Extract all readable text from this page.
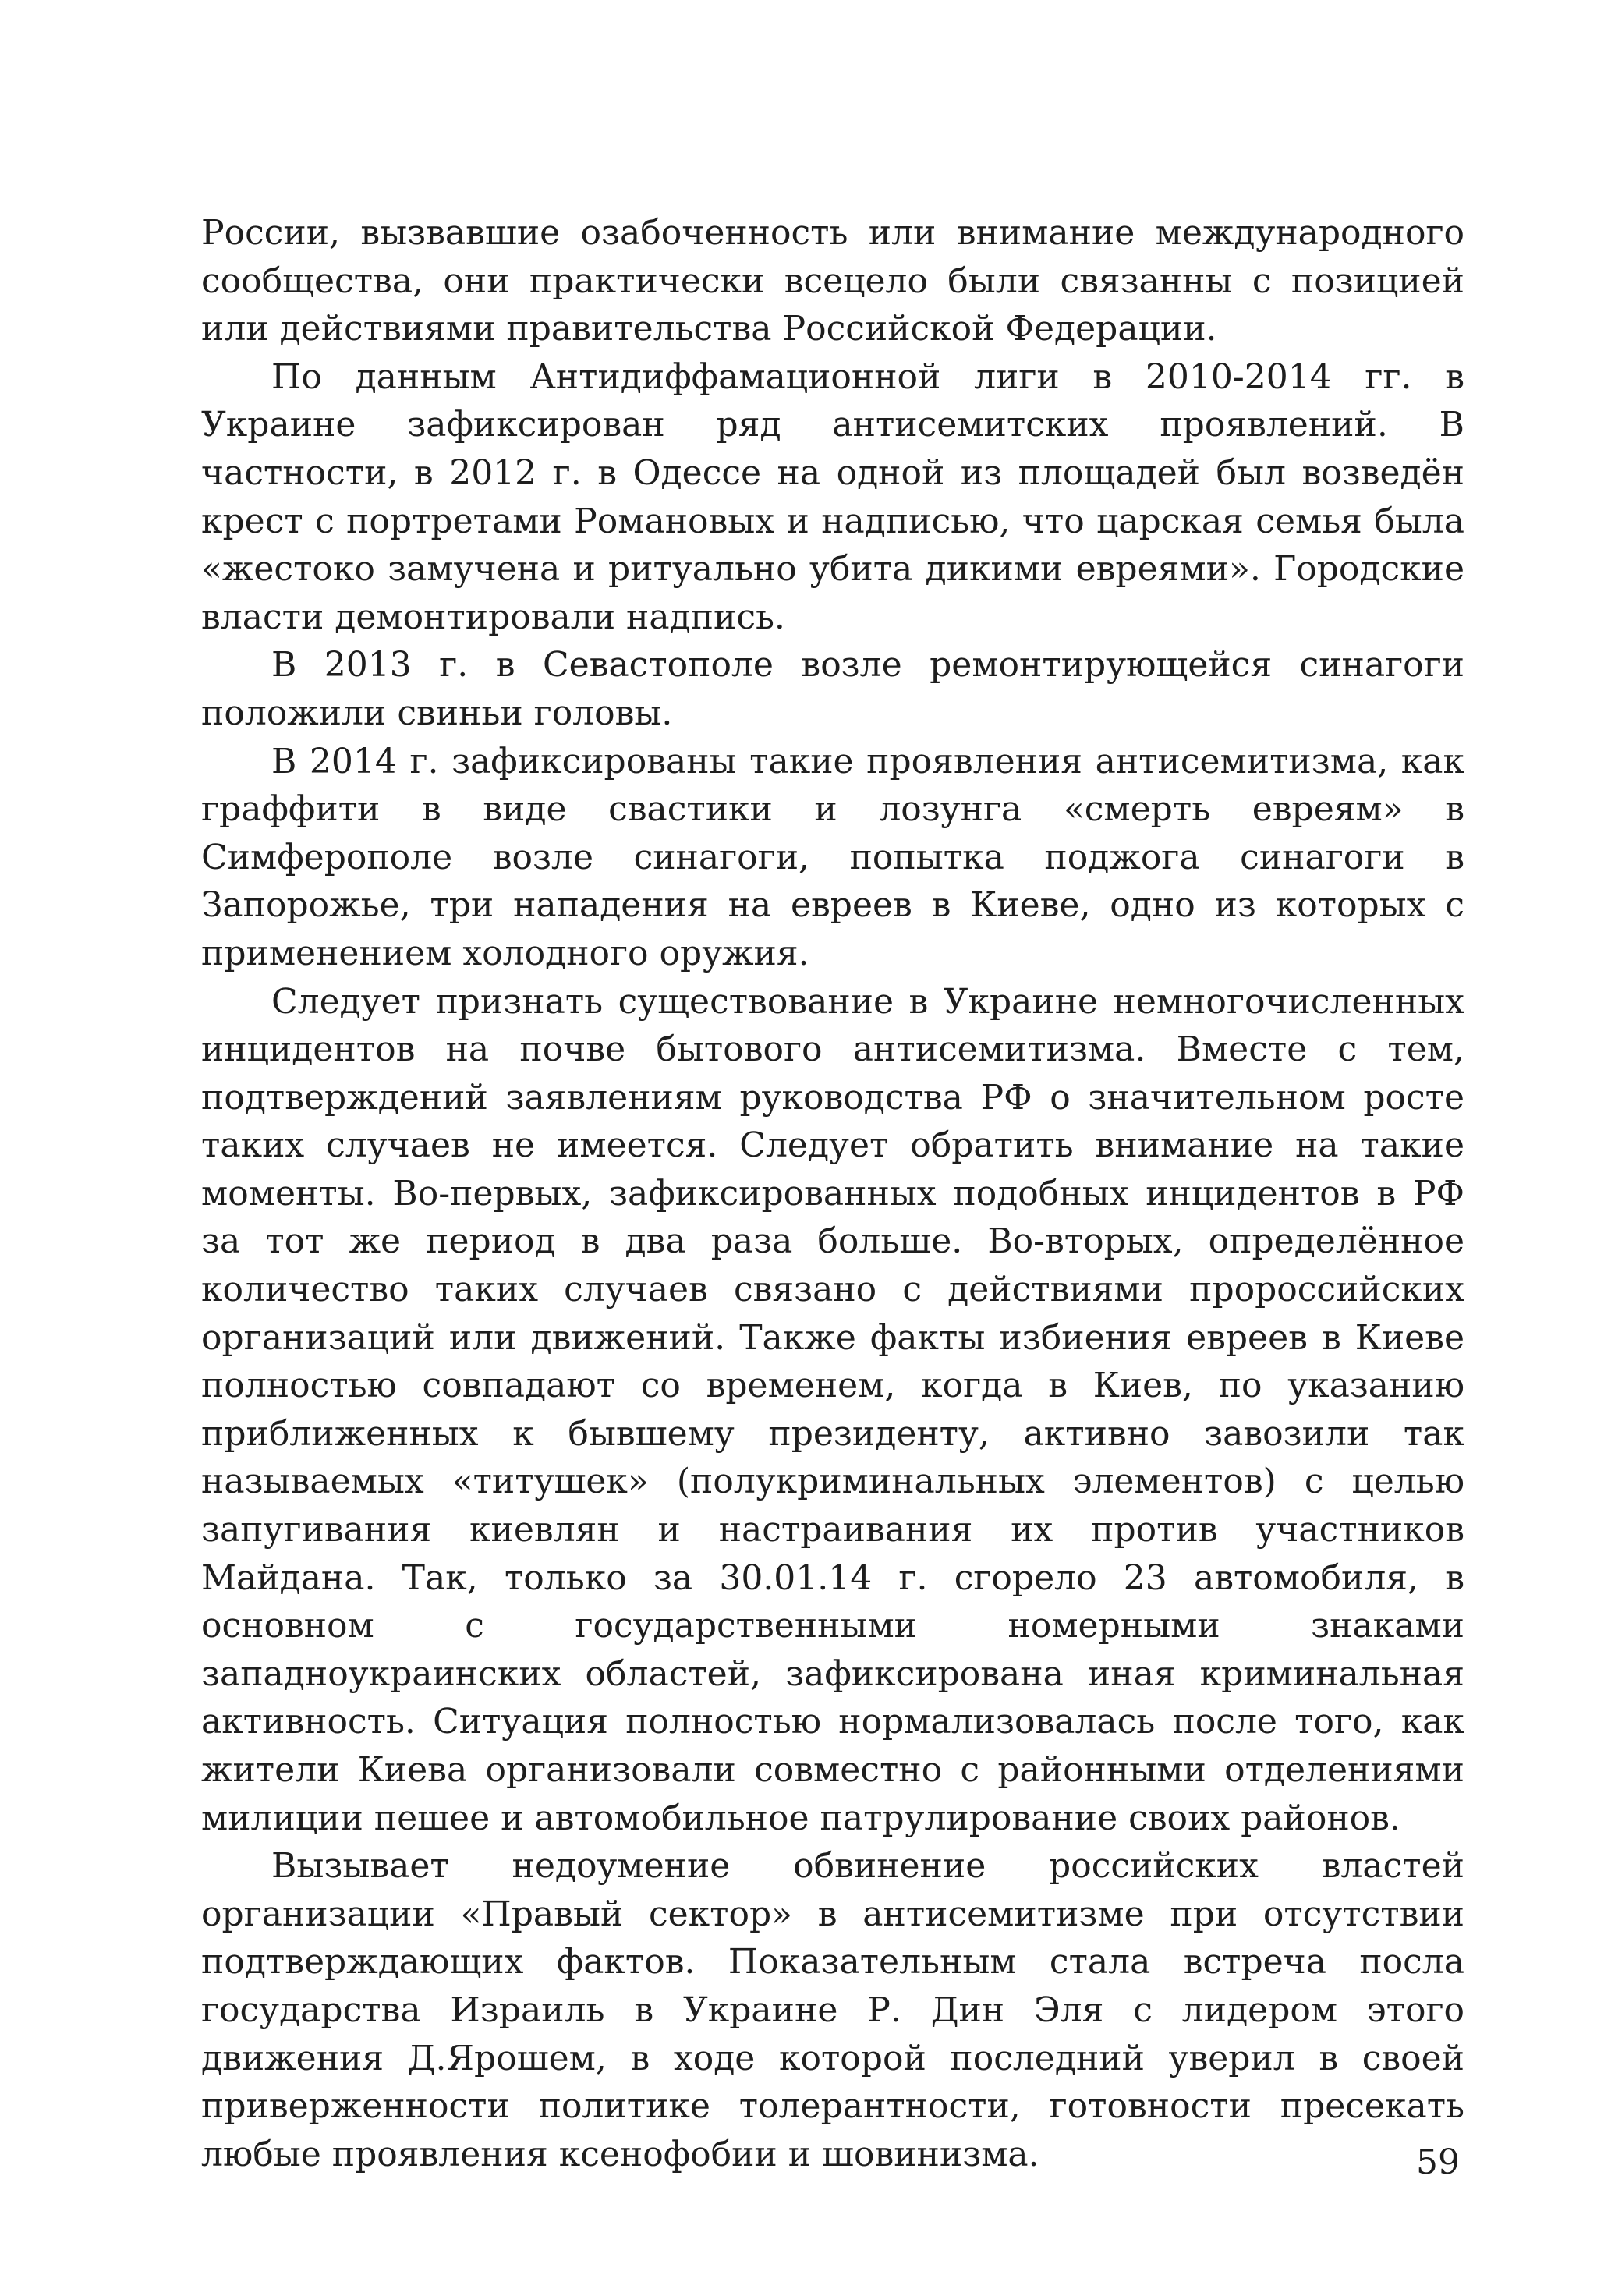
России, вызвавшие озабоченность или внимание международного сообщества, они практически всецело были связанны с позицией или действиями правительства Российской Федерации.

По данным Антидиффамационной лиги в 2010-2014 гг. в Украине зафиксирован ряд антисемитских проявлений. В частности, в 2012 г. в Одессе на одной из площадей был возведён крест с портретами Романовых и надписью, что царская семья была «жестоко замучена и ритуально убита дикими евреями». Городские власти демонтировали надпись.

В 2013 г. в Севастополе возле ремонтирующейся синагоги положили свиньи головы.

В 2014 г. зафиксированы такие проявления антисемитизма, как граффити в виде свастики и лозунга «смерть евреям» в Симферополе возле синагоги, попытка поджога синагоги в Запорожье, три нападения на евреев в Киеве, одно из которых с применением холодного оружия.

Следует признать существование в Украине немногочисленных инцидентов на почве бытового антисемитизма. Вместе с тем, подтверждений заявлениям руководства РФ о значительном росте таких случаев не имеется. Следует обратить внимание на такие моменты. Во-первых, зафиксированных подобных инцидентов в РФ за тот же период в два раза больше. Во-вторых, определённое количество таких случаев связано с действиями пророссийских организаций или движений. Также факты избиения евреев в Киеве полностью совпадают со временем, когда в Киев, по указанию приближенных к бывшему президенту, активно завозили так называемых «титушек» (полукриминальных элементов) с целью запугивания киевлян и настраивания их против участников Майдана. Так, только за 30.01.14 г. сгорело 23 автомобиля, в основном с государственными номерными знаками западноукраинских областей, зафиксирована иная криминальная активность. Ситуация полностью нормализовалась после того, как жители Киева организовали совместно с районными отделениями милиции пешее и автомобильное патрулирование своих районов.

Вызывает недоумение обвинение российских властей организации «Правый сектор» в антисемитизме при отсутствии подтверждающих фактов. Показательным стала встреча посла государства Израиль в Украине Р. Дин Эля с лидером этого движения Д.Ярошем, в ходе которой последний уверил в своей приверженности политике толерантности, готовности пресекать любые проявления ксенофобии и шовинизма.	59
